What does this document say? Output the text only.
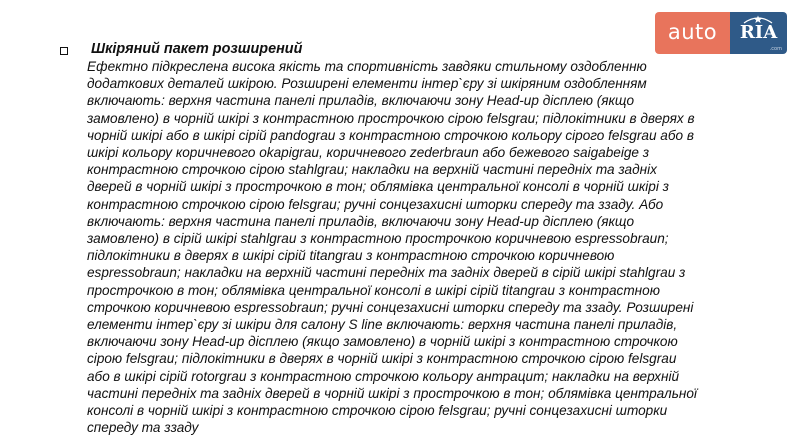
auto	RIA
.com
Шкіряний пакет розширений
Ефектно підкреслена висока якість та спортивність завдяки стильному оздобленню
додаткових деталей шкірою. Розширені елементи інтер`єру зі шкіряним оздобленням
включають: верхня частина панелі приладів, включаючи зону Head-up дісплею (якщо
замовлено) в чорній шкірі з контрастною прострочкою сірою felsgrau; підлокітники в дверях в
чорній шкірі або в шкірі сірій pandograu з контрастною строчкою кольору сірого felsgrau або в
шкірі кольору коричневого okapigrau, коричневого zederbraun або бежевого saigabeige з
контрастною строчкою сірою stahlgrau; накладки на верхній частині передніх та задніх
дверей в чорній шкірі з прострочкою в тон; облямівка центральної консолі в чорній шкірі з
контрастною строчкою сірою felsgrau; ручні сонцезахисні шторки спереду та ззаду. Або
включають: верхня частина панелі приладів, включаючи зону Head-up дісплею (якщо
замовлено) в сірій шкірі stahlgrau з контрастною прострочкою коричневою espressobraun;
підлокітники в дверях в шкірі сірій titangrau з контрастною строчкою коричневою
espressobraun; накладки на верхній частині передніх та задніх дверей в сірій шкірі stahlgrau з
прострочкою в тон; облямівка центральної консолі в шкірі сірій titangrau з контрастною
строчкою коричневою espressobraun; ручні сонцезахисні шторки спереду та ззаду. Розширені
елементи інтер`єру зі шкіри для салону S line включають: верхня частина панелі приладів,
включаючи зону Head-up дісплею (якщо замовлено) в чорній шкірі з контрастною строчкою
сірою felsgrau; підлокітники в дверях в чорній шкірі з контрастною строчкою сірою felsgrau
або в шкірі сірій rotorgrau з контрастною строчкою кольору антрацит; накладки на верхній
частині передніх та задніх дверей в чорній шкірі з прострочкою в тон; облямівка центральної
консолі в чорній шкірі з контрастною строчкою сірою felsgrau; ручні сонцезахисні шторки
спереду та ззаду
